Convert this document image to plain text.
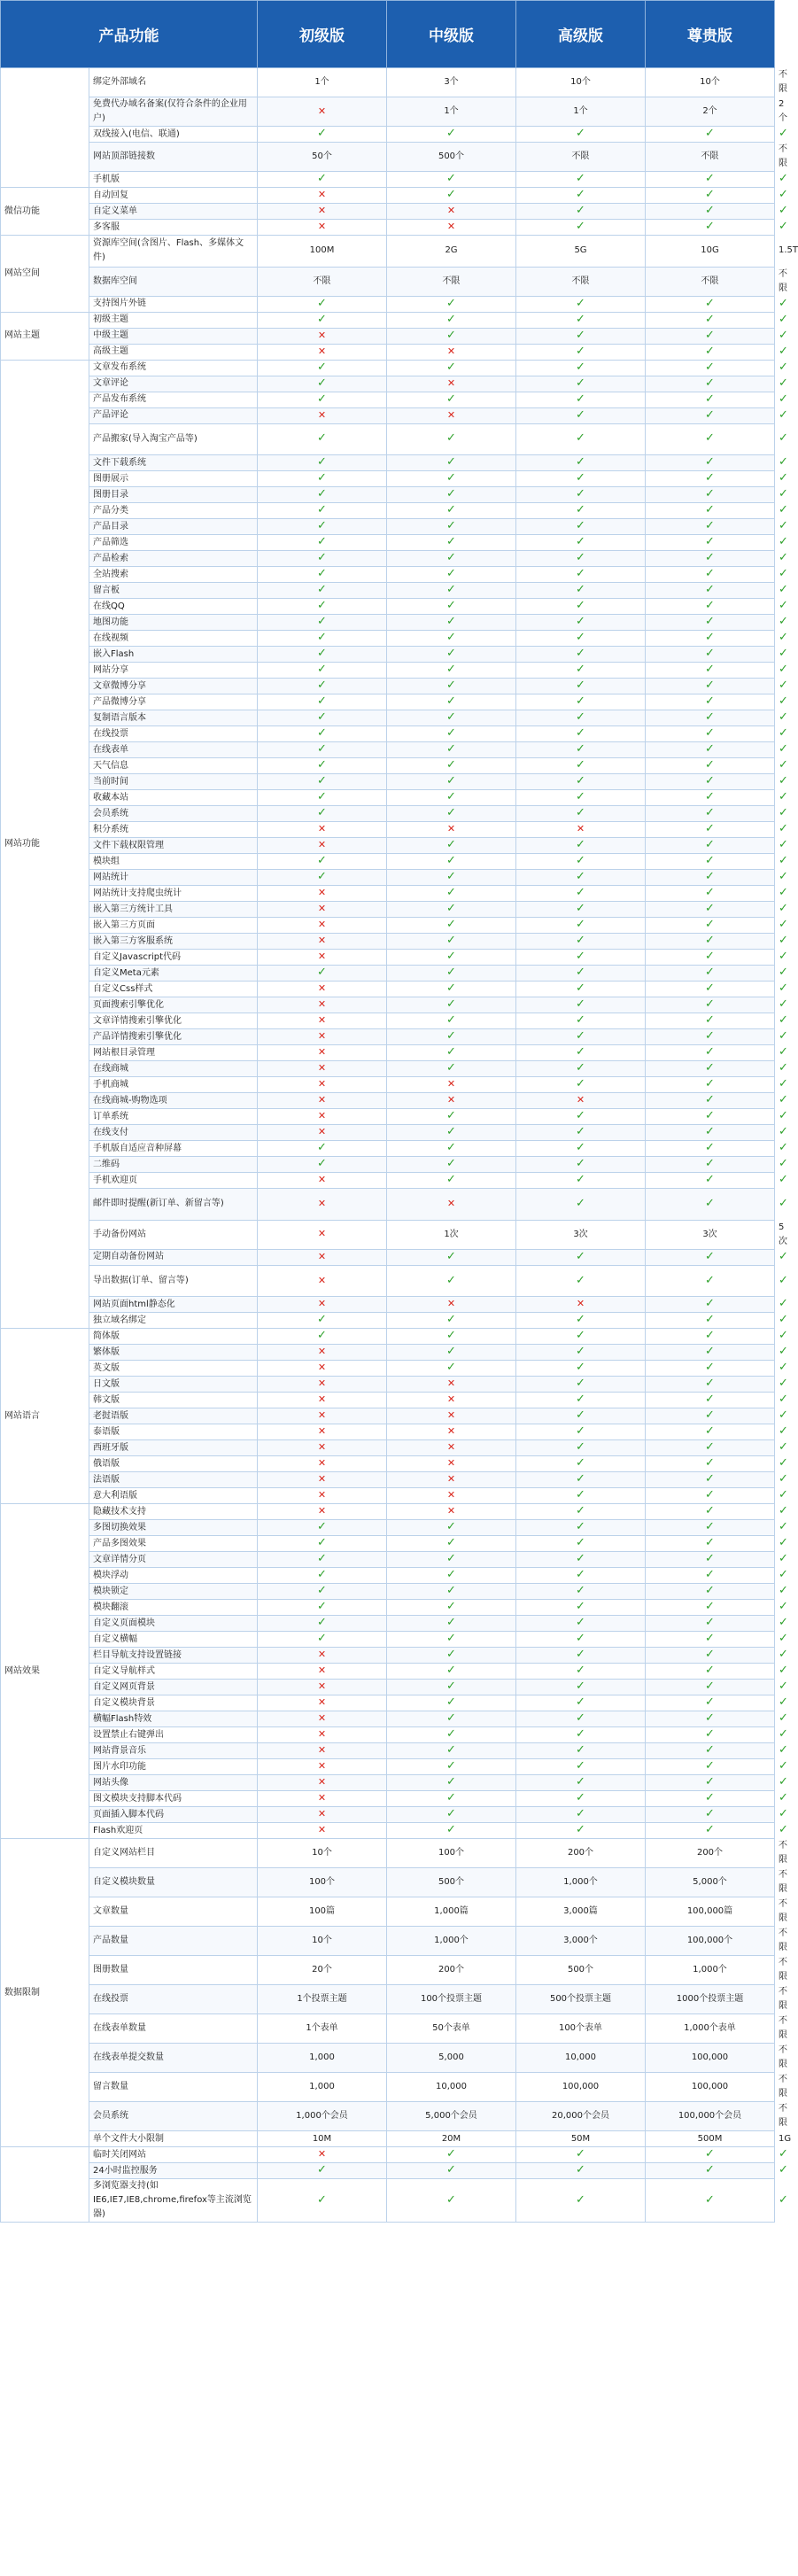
产品功能		初级版	中级版	高级版	尊贵版	至尊版
	绑定外部域名	1个	3个	10个	10个	不限
	免费代办域名备案(仅符合条件的企业用户)	✕	1个	1个	2个	2个
	双线接入(电信、联通)	✓	✓	✓	✓	✓
	网站顶部链接数	50个	500个	不限	不限	不限
	手机版	✓	✓	✓	✓	✓
微信功能	自动回复	✕	✓	✓	✓	✓
	自定义菜单	✕	✕	✓	✓	✓
	多客服	✕	✕	✓	✓	✓
网站空间	资源库空间(含图片、Flash、多媒体文件)	100M	2G	5G	10G	1.5T
	数据库空间	不限	不限	不限	不限	不限
	支持图片外链	✓	✓	✓	✓	✓
网站主题	初级主题	✓	✓	✓	✓	✓
	中级主题	✕	✓	✓	✓	✓
	高级主题	✕	✕	✓	✓	✓
网站功能	文章发布系统	✓	✓	✓	✓	✓
	文章评论	✓	✕	✓	✓	✓
	产品发布系统	✓	✓	✓	✓	✓
	产品评论	✕	✕	✓	✓	✓
	产品搬家(导入淘宝产品等)	✓	✓	✓	✓	✓
	文件下载系统	✓	✓	✓	✓	✓
	图册展示	✓	✓	✓	✓	✓
	图册目录	✓	✓	✓	✓	✓
	产品分类	✓	✓	✓	✓	✓
	产品目录	✓	✓	✓	✓	✓
	产品筛选	✓	✓	✓	✓	✓
	产品检索	✓	✓	✓	✓	✓
	全站搜索	✓	✓	✓	✓	✓
	留言板	✓	✓	✓	✓	✓
	在线QQ	✓	✓	✓	✓	✓
	地图功能	✓	✓	✓	✓	✓
	在线视频	✓	✓	✓	✓	✓
	嵌入Flash	✓	✓	✓	✓	✓
	网站分享	✓	✓	✓	✓	✓
	文章微博分享	✓	✓	✓	✓	✓
	产品微博分享	✓	✓	✓	✓	✓
	复制语言版本	✓	✓	✓	✓	✓
	在线投票	✓	✓	✓	✓	✓
	在线表单	✓	✓	✓	✓	✓
	天气信息	✓	✓	✓	✓	✓
	当前时间	✓	✓	✓	✓	✓
	收藏本站	✓	✓	✓	✓	✓
	会员系统	✓	✓	✓	✓	✓
	积分系统	✕	✕	✕	✓	✓
	文件下载权限管理	✕	✓	✓	✓	✓
	模块组	✓	✓	✓	✓	✓
	网站统计	✓	✓	✓	✓	✓
	网站统计支持爬虫统计	✕	✓	✓	✓	✓
	嵌入第三方统计工具	✕	✓	✓	✓	✓
	嵌入第三方页面	✕	✓	✓	✓	✓
	嵌入第三方客服系统	✕	✓	✓	✓	✓
	自定义Javascript代码	✕	✓	✓	✓	✓
	自定义Meta元素	✓	✓	✓	✓	✓
	自定义Css样式	✕	✓	✓	✓	✓
	页面搜索引擎优化	✕	✓	✓	✓	✓
	文章详情搜索引擎优化	✕	✓	✓	✓	✓
	产品详情搜索引擎优化	✕	✓	✓	✓	✓
	网站根目录管理	✕	✓	✓	✓	✓
	在线商城	✕	✓	✓	✓	✓
	手机商城	✕	✕	✓	✓	✓
	在线商城-购物选项	✕	✕	✕	✓	✓
	订单系统	✕	✓	✓	✓	✓
	在线支付	✕	✓	✓	✓	✓
	手机版自适应音种屏幕	✓	✓	✓	✓	✓
	二维码	✓	✓	✓	✓	✓
	手机欢迎页	✕	✓	✓	✓	✓
	邮件即时提醒(新订单、新留言等)	✕	✕	✓	✓	✓
	手动备份网站	✕	1次	3次	3次	5次
	定期自动备份网站	✕	✓	✓	✓	✓
	导出数据(订单、留言等)	✕	✓	✓	✓	✓
	网站页面html静态化	✕	✕	✕	✓	✓
	独立域名绑定	✓	✓	✓	✓	✓
网站语言	简体版	✓	✓	✓	✓	✓
	繁体版	✕	✓	✓	✓	✓
	英文版	✕	✓	✓	✓	✓
	日文版	✕	✕	✓	✓	✓
	韩文版	✕	✕	✓	✓	✓
	老挝语版	✕	✕	✓	✓	✓
	泰语版	✕	✕	✓	✓	✓
	西班牙版	✕	✕	✓	✓	✓
	俄语版	✕	✕	✓	✓	✓
	法语版	✕	✕	✓	✓	✓
	意大利语版	✕	✕	✓	✓	✓
网站效果	隐藏技术支持	✕	✕	✓	✓	✓
	多图切换效果	✓	✓	✓	✓	✓
	产品多图效果	✓	✓	✓	✓	✓
	文章详情分页	✓	✓	✓	✓	✓
	模块浮动	✓	✓	✓	✓	✓
	模块锁定	✓	✓	✓	✓	✓
	模块翻滚	✓	✓	✓	✓	✓
	自定义页面模块	✓	✓	✓	✓	✓
	自定义横幅	✓	✓	✓	✓	✓
	栏目导航支持设置链接	✕	✓	✓	✓	✓
	自定义导航样式	✕	✓	✓	✓	✓
	自定义网页背景	✕	✓	✓	✓	✓
	自定义模块背景	✕	✓	✓	✓	✓
	横幅Flash特效	✕	✓	✓	✓	✓
	设置禁止右键弹出	✕	✓	✓	✓	✓
	网站背景音乐	✕	✓	✓	✓	✓
	图片水印功能	✕	✓	✓	✓	✓
	网站头像	✕	✓	✓	✓	✓
	图文模块支持脚本代码	✕	✓	✓	✓	✓
	页面插入脚本代码	✕	✓	✓	✓	✓
	Flash欢迎页	✕	✓	✓	✓	✓
数据限制	自定义网站栏目	10个	100个	200个	200个	不限
	自定义模块数量	100个	500个	1,000个	5,000个	不限
	文章数量	100篇	1,000篇	3,000篇	100,000篇	不限
	产品数量	10个	1,000个	3,000个	100,000个	不限
	图册数量	20个	200个	500个	1,000个	不限
	在线投票	1个投票主题	100个投票主题	500个投票主题	1000个投票主题	不限
	在线表单数量	1个表单	50个表单	100个表单	1,000个表单	不限
	在线表单提交数量	1,000	5,000	10,000	100,000	不限
	留言数量	1,000	10,000	100,000	100,000	不限
	会员系统	1,000个会员	5,000个会员	20,000个会员	100,000个会员	不限
	单个文件大小限制	10M	20M	50M	500M	1G
	临时关闭网站	✕	✓	✓	✓	✓
	24小时监控服务	✓	✓	✓	✓	✓
	多浏览器支持(如IE6,IE7,IE8,chrome,firefox等主流浏览器)	✓	✓	✓	✓	✓
